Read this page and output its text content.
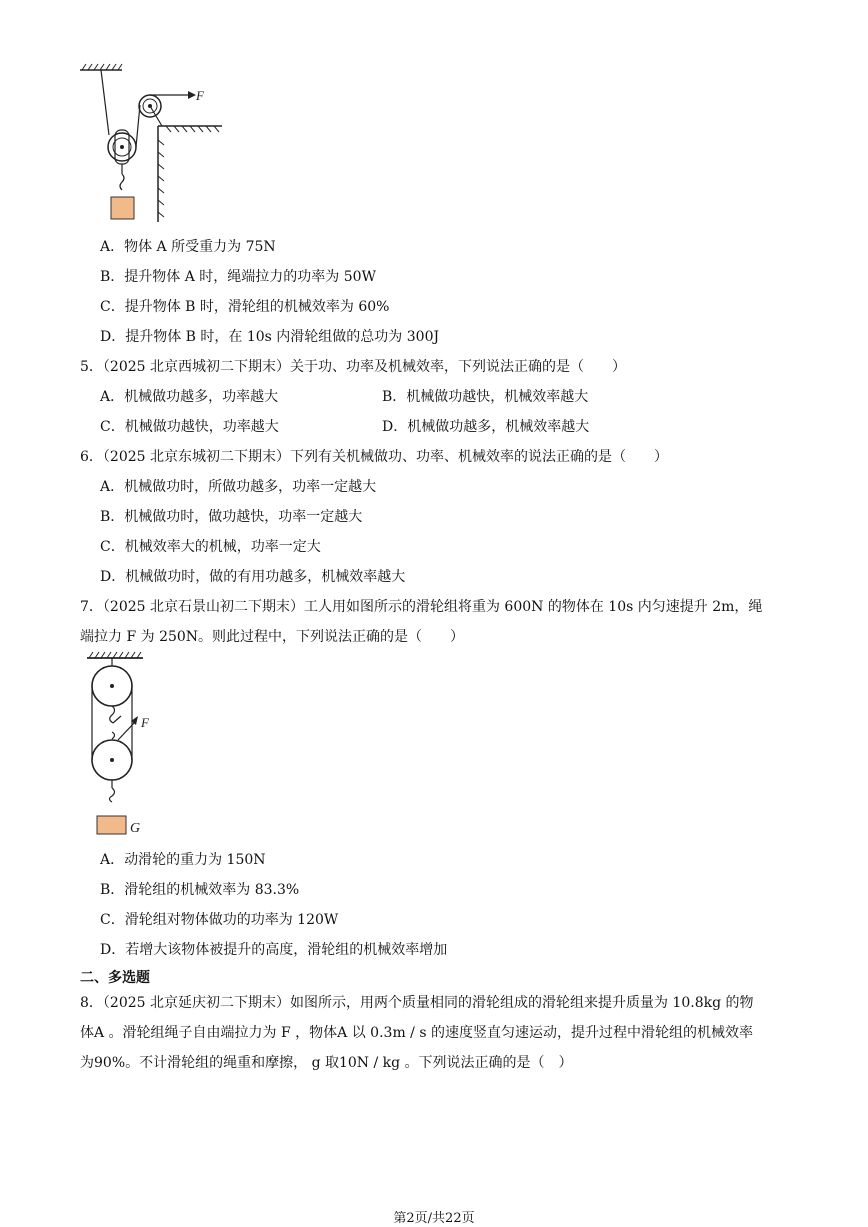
F
A．物体 A 所受重力为 75N
B．提升物体 A 时，绳端拉力的功率为 50W
C．提升物体 B 时，滑轮组的机械效率为 60%
D．提升物体 B 时，在 10s 内滑轮组做的总功为 300J
5．（2025 北京西城初二下期末）关于功、功率及机械效率，下列说法正确的是（　　）
A．机械做功越多，功率越大	B．机械做功越快，机械效率越大
C．机械做功越快，功率越大	D．机械做功越多，机械效率越大
6．（2025 北京东城初二下期末）下列有关机械做功、功率、机械效率的说法正确的是（　　）
A．机械做功时，所做功越多，功率一定越大
B．机械做功时，做功越快，功率一定越大
C．机械效率大的机械，功率一定大
D．机械做功时，做的有用功越多，机械效率越大
7．（2025 北京石景山初二下期末）工人用如图所示的滑轮组将重为 600N 的物体在 10s 内匀速提升 2m，绳
端拉力 F 为 250N。则此过程中，下列说法正确的是（　　）
F
G
A．动滑轮的重力为 150N
B．滑轮组的机械效率为 83.3%
C．滑轮组对物体做功的功率为 120W
D．若增大该物体被提升的高度，滑轮组的机械效率增加
二、多选题
8．（2025 北京延庆初二下期末）如图所示，用两个质量相同的滑轮组成的滑轮组来提升质量为 10.8kg 的物
体A 。滑轮组绳子自由端拉力为 F ，物体A 以 0.3m / s 的速度竖直匀速运动，提升过程中滑轮组的机械效率
为90%。不计滑轮组的绳重和摩擦， g 取10N / kg 。下列说法正确的是（　）
第2页/共22页
